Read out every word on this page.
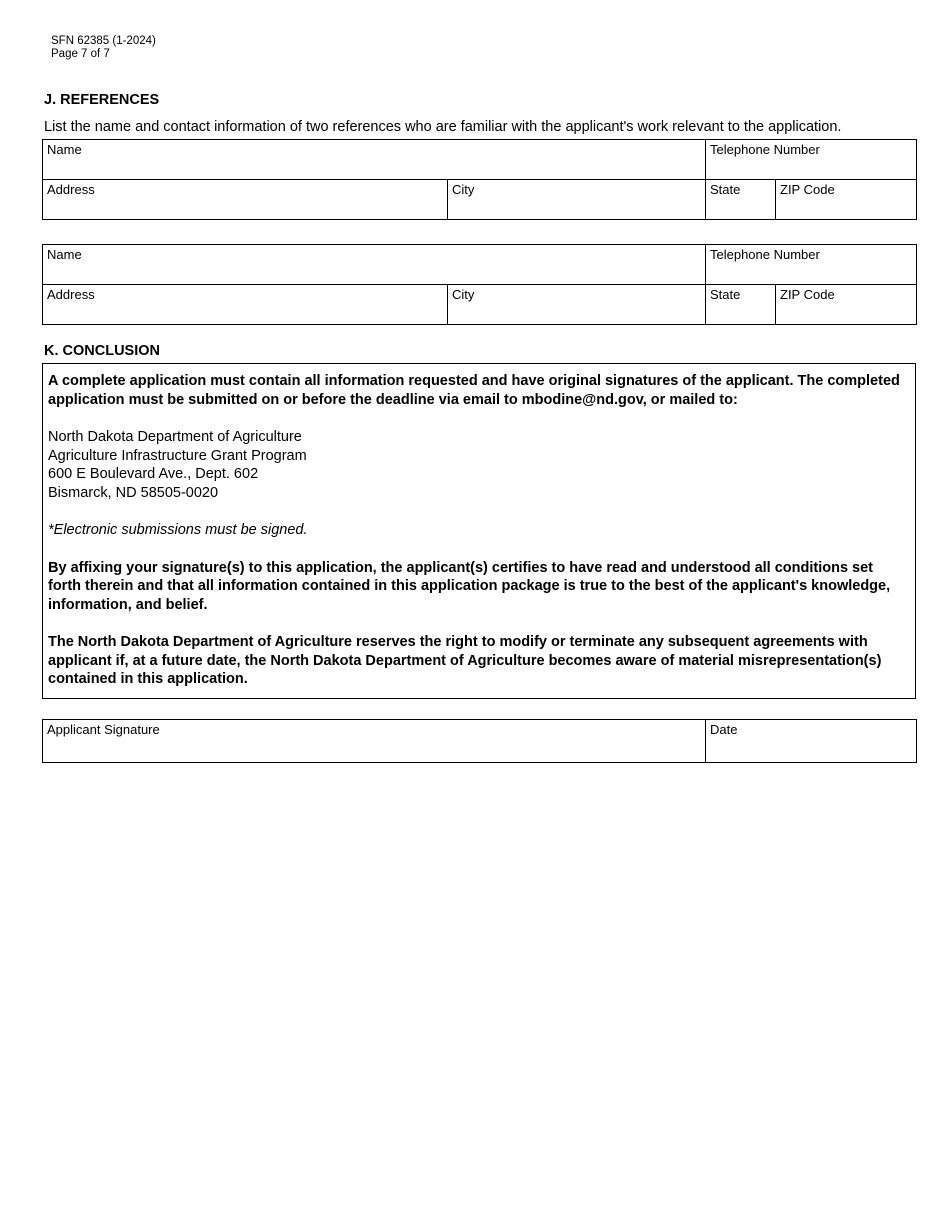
SFN 62385 (1-2024)
Page 7 of 7
J. REFERENCES
List the name and contact information of two references who are familiar with the applicant's work relevant to the application.
Name		Telephone Number	
Address	City	State	ZIP Code
Name		Telephone Number	
Address	City	State	ZIP Code
K. CONCLUSION

A complete application must contain all information requested and have original signatures of the applicant. The completed application must be submitted on or before the deadline via email to mbodine@nd.gov, or mailed to:

North Dakota Department of Agriculture

Agriculture Infrastructure Grant Program

600 E Boulevard Ave., Dept. 602

Bismarck, ND 58505-0020

*Electronic submissions must be signed.

By affixing your signature(s) to this application, the applicant(s) certifies to have read and understood all conditions set forth therein and that all information contained in this application package is true to the best of the applicant's knowledge, information, and belief.

The North Dakota Department of Agriculture reserves the right to modify or terminate any subsequent agreements with applicant if, at a future date, the North Dakota Department of Agriculture becomes aware of material misrepresentation(s) contained in this application.

Applicant Signature	Date
